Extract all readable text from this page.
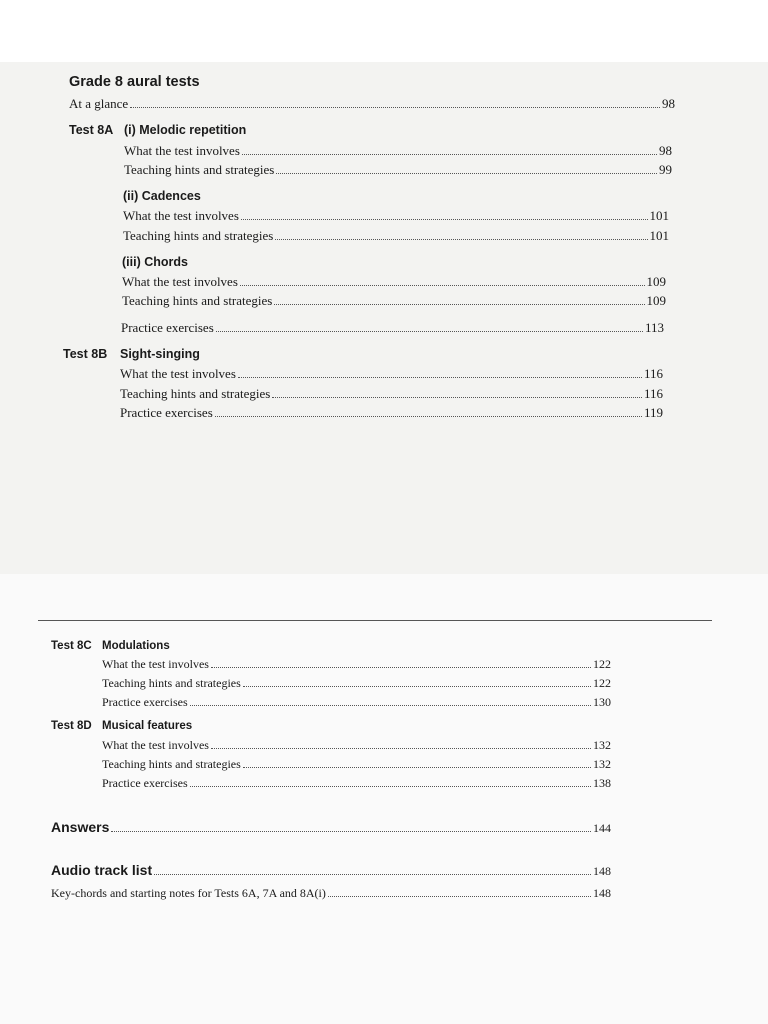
Grade 8 aural tests
At a glance	98
Test 8A (i) Melodic repetition
What the test involves	98
Teaching hints and strategies	99
(ii) Cadences
What the test involves	101
Teaching hints and strategies	101
(iii) Chords
What the test involves	109
Teaching hints and strategies	109
Practice exercises	113
Test 8B Sight-singing
What the test involves	116
Teaching hints and strategies	116
Practice exercises	119
Test 8C Modulations
What the test involves	122
Teaching hints and strategies	122
Practice exercises	130
Test 8D Musical features
What the test involves	132
Teaching hints and strategies	132
Practice exercises	138
Answers	144
Audio track list	148
Key-chords and starting notes for Tests 6A, 7A and 8A(i)	148
